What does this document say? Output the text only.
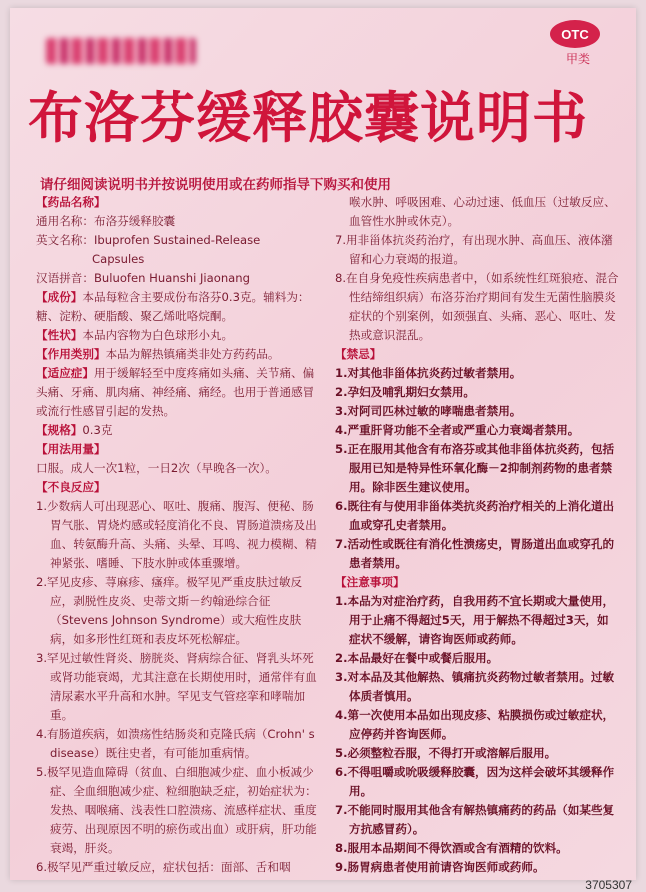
OTC
甲类
布洛芬缓释胶囊说明书
请仔细阅读说明书并按说明使用或在药师指导下购买和使用

【药品名称】

通用名称：布洛芬缓释胶囊

英文名称：Ibuprofen Sustained-Release

Capsules

汉语拼音：Buluofen Huanshi Jiaonang

【成份】本品每粒含主要成份布洛芬0.3克。辅料为：糖、淀粉、硬脂酸、聚乙烯吡咯烷酮。

【性状】本品内容物为白色球形小丸。

【作用类别】本品为解热镇痛类非处方药药品。

【适应症】用于缓解轻至中度疼痛如头痛、关节痛、偏头痛、牙痛、肌肉痛、神经痛、痛经。也用于普通感冒或流行性感冒引起的发热。

【规格】0.3克

【用法用量】

口服。成人一次1粒，一日2次（早晚各一次）。

【不良反应】

1.少数病人可出现恶心、呕吐、腹痛、腹泻、便秘、肠胃气胀、胃烧灼感或轻度消化不良、胃肠道溃疡及出血、转氨酶升高、头痛、头晕、耳鸣、视力模糊、精神紧张、嗜睡、下肢水肿或体重骤增。

2.罕见皮疹、荨麻疹、瘙痒。极罕见严重皮肤过敏反应，剥脱性皮炎、史蒂文斯－约翰逊综合征（Stevens Johnson Syndrome）或大疱性皮肤病，如多形性红斑和表皮坏死松解症。

3.罕见过敏性肾炎、膀胱炎、肾病综合征、肾乳头坏死或肾功能衰竭，尤其注意在长期使用时，通常伴有血清尿素水平升高和水肿。罕见支气管痉挛和哮喘加重。

4.有肠道疾病，如溃疡性结肠炎和克隆氏病（Crohn' s disease）既往史者，有可能加重病情。

5.极罕见造血障碍（贫血、白细胞减少症、血小板减少症、全血细胞减少症、粒细胞缺乏症，初始症状为：发热、咽喉痛、浅表性口腔溃疡、流感样症状、重度疲劳、出现原因不明的瘀伤或出血）或肝病，肝功能衰竭，肝炎。

6.极罕见严重过敏反应，症状包括：面部、舌和咽

喉水肿、呼吸困难、心动过速、低血压（过敏反应、血管性水肿或休克）。

7.用非甾体抗炎药治疗，有出现水肿、高血压、液体潴留和心力衰竭的报道。

8.在自身免疫性疾病患者中，（如系统性红斑狼疮、混合性结缔组织病）布洛芬治疗期间有发生无菌性脑膜炎症状的个别案例，如颈强直、头痛、恶心、呕吐、发热或意识混乱。

【禁忌】

1.对其他非甾体抗炎药过敏者禁用。

2.孕妇及哺乳期妇女禁用。

3.对阿司匹林过敏的哮喘患者禁用。

4.严重肝肾功能不全者或严重心力衰竭者禁用。

5.正在服用其他含有布洛芬或其他非甾体抗炎药，包括服用已知是特异性环氧化酶－2抑制剂药物的患者禁用。除非医生建议使用。

6.既往有与使用非甾体类抗炎药治疗相关的上消化道出血或穿孔史者禁用。

7.活动性或既往有消化性溃疡史，胃肠道出血或穿孔的患者禁用。

【注意事项】

1.本品为对症治疗药，自我用药不宜长期或大量使用，用于止痛不得超过5天，用于解热不得超过3天，如症状不缓解，请咨询医师或药师。

2.本品最好在餐中或餐后服用。

3.对本品及其他解热、镇痛抗炎药物过敏者禁用。过敏体质者慎用。

4.第一次使用本品如出现皮疹、粘膜损伤或过敏症状，应停药并咨询医师。

5.必须整粒吞服，不得打开或溶解后服用。

6.不得咀嚼或吮吸缓释胶囊，因为这样会破坏其缓释作用。

7.不能同时服用其他含有解热镇痛药的药品（如某些复方抗感冒药）。

8.服用本品期间不得饮酒或含有酒精的饮料。

9.肠胃病患者使用前请咨询医师或药师。

3705307
